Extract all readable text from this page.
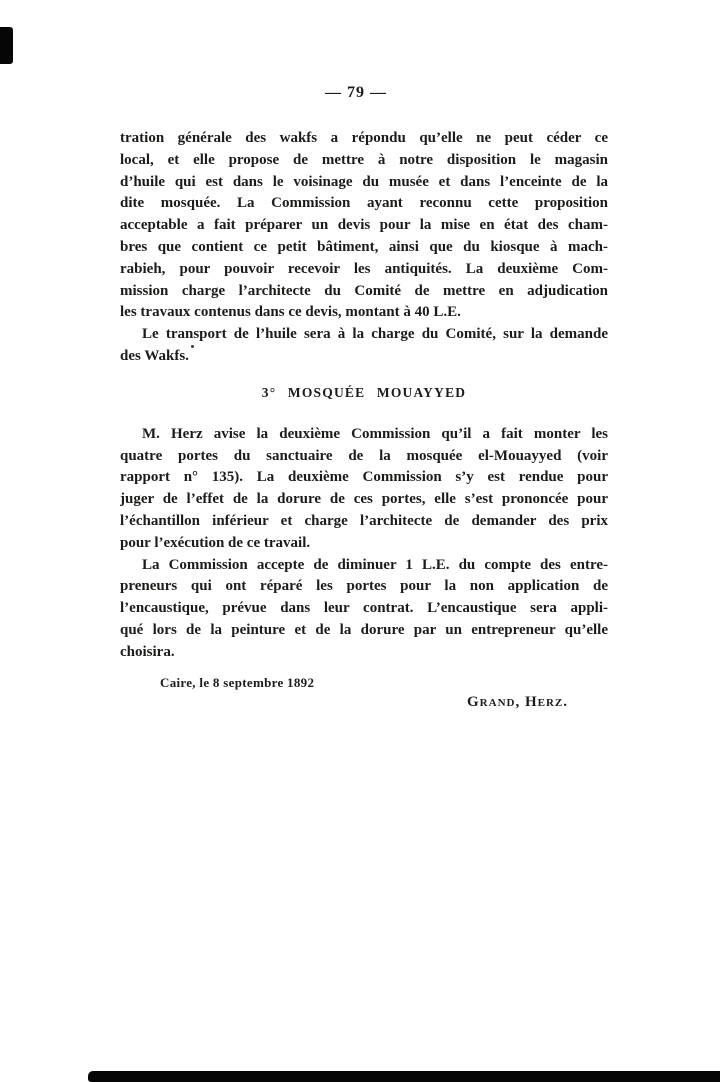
— 79 —
tration générale des wakfs a répondu qu’elle ne peut céder ce
local, et elle propose de mettre à notre disposition le magasin
d’huile qui est dans le voisinage du musée et dans l’enceinte de la
dite mosquée. La Commission ayant reconnu cette proposition
acceptable a fait préparer un devis pour la mise en état des cham-
bres que contient ce petit bâtiment, ainsi que du kiosque à mach-
rabieh, pour pouvoir recevoir les antiquités. La deuxième Com-
mission charge l’architecte du Comité de mettre en adjudication
les travaux contenus dans ce devis, montant à 40 L.E.
Le transport de l’huile sera à la charge du Comité, sur la demande
des Wakfs.
3° MOSQUÉE MOUAYYED
M. Herz avise la deuxième Commission qu’il a fait monter les
quatre portes du sanctuaire de la mosquée el-Mouayyed (voir
rapport n° 135). La deuxième Commission s’y est rendue pour
juger de l’effet de la dorure de ces portes, elle s’est prononcée pour
l’échantillon inférieur et charge l’architecte de demander des prix
pour l’exécution de ce travail.
La Commission accepte de diminuer 1 L.E. du compte des entre-
preneurs qui ont réparé les portes pour la non application de
l’encaustique, prévue dans leur contrat. L’encaustique sera appli-
qué lors de la peinture et de la dorure par un entrepreneur qu’elle
choisira.
Caire, le 8 septembre 1892
Grand, Herz.
